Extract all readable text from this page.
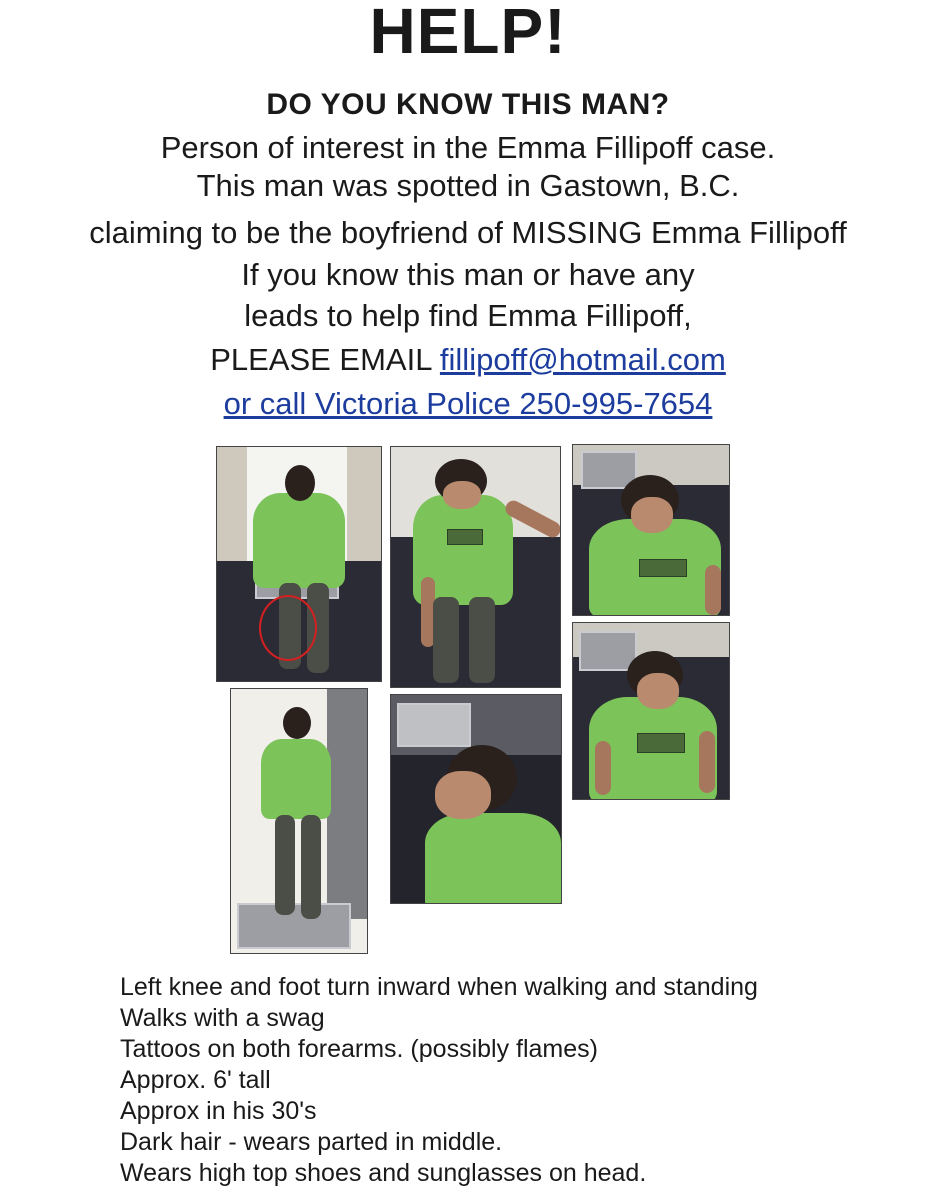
HELP!
DO YOU KNOW THIS MAN?
Person of interest in the Emma Fillipoff case.
This man was spotted in Gastown, B.C.
claiming to be the boyfriend of MISSING Emma Fillipoff
If you know this man or have any
leads to help find Emma Fillipoff,
PLEASE EMAIL fillipoff@hotmail.com
or call Victoria Police 250-995-7654
Left knee and foot turn inward when walking and standing
Walks with a swag
Tattoos on both forearms. (possibly flames)
Approx. 6' tall
Approx in his 30's
Dark hair - wears parted in middle.
Wears high top shoes and sunglasses on head.
